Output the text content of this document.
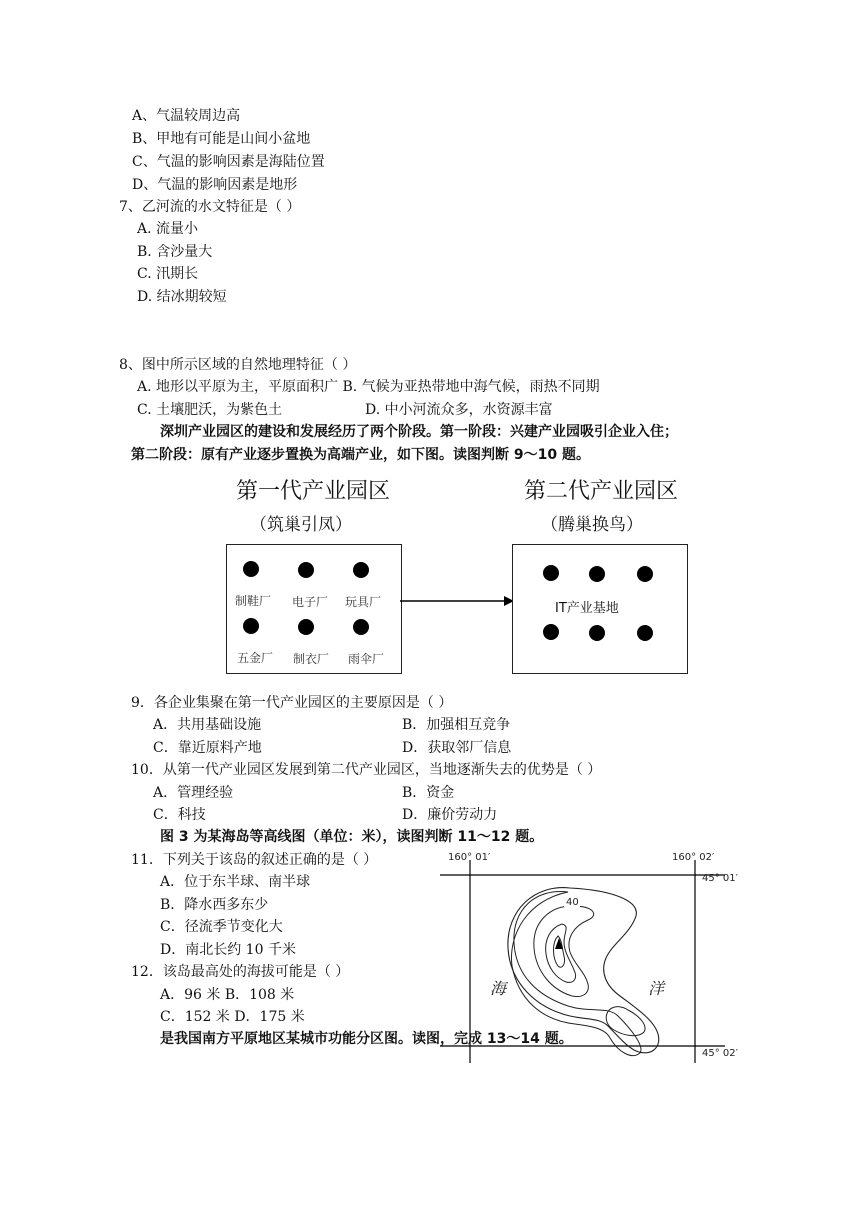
A、气温较周边高
B、甲地有可能是山间小盆地
C、气温的影响因素是海陆位置
D、气温的影响因素是地形
7、乙河流的水文特征是（ ）
A. 流量小
B. 含沙量大
C. 汛期长
D. 结冰期较短
8、图中所示区域的自然地理特征（ ）
A. 地形以平原为主，平原面积广 B. 气候为亚热带地中海气候，雨热不同期
C. 土壤肥沃，为紫色土	D. 中小河流众多，水资源丰富
深圳产业园区的建设和发展经历了两个阶段。第一阶段：兴建产业园吸引企业入住；
第二阶段：原有产业逐步置换为高端产业，如下图。读图判断 9～10 题。
第一代产业园区
（筑巢引凤）
第二代产业园区
（腾巢换鸟）
制鞋厂 电子厂 玩具厂
五金厂 制衣厂 雨伞厂
IT产业基地
9．各企业集聚在第一代产业园区的主要原因是（ ）
A．共用基础设施	B．加强相互竞争
C．靠近原料产地	D．获取邻厂信息
10．从第一代产业园区发展到第二代产业园区，当地逐渐失去的优势是（ ）
A．管理经验	B．资金
C．科技	D．廉价劳动力
图 3 为某海岛等高线图（单位：米），读图判断 11～12 题。
11．下列关于该岛的叙述正确的是（ ）
A．位于东半球、南半球
B．降水西多东少
C．径流季节变化大
D．南北长约 10 千米
12．该岛最高处的海拔可能是（ ）
A．96 米 B．108 米
C．152 米 D．175 米
160° 01′	160° 02′
45° 01′
45° 02′
40
海	洋
是我国南方平原地区某城市功能分区图。读图，完成 13～14 题。
